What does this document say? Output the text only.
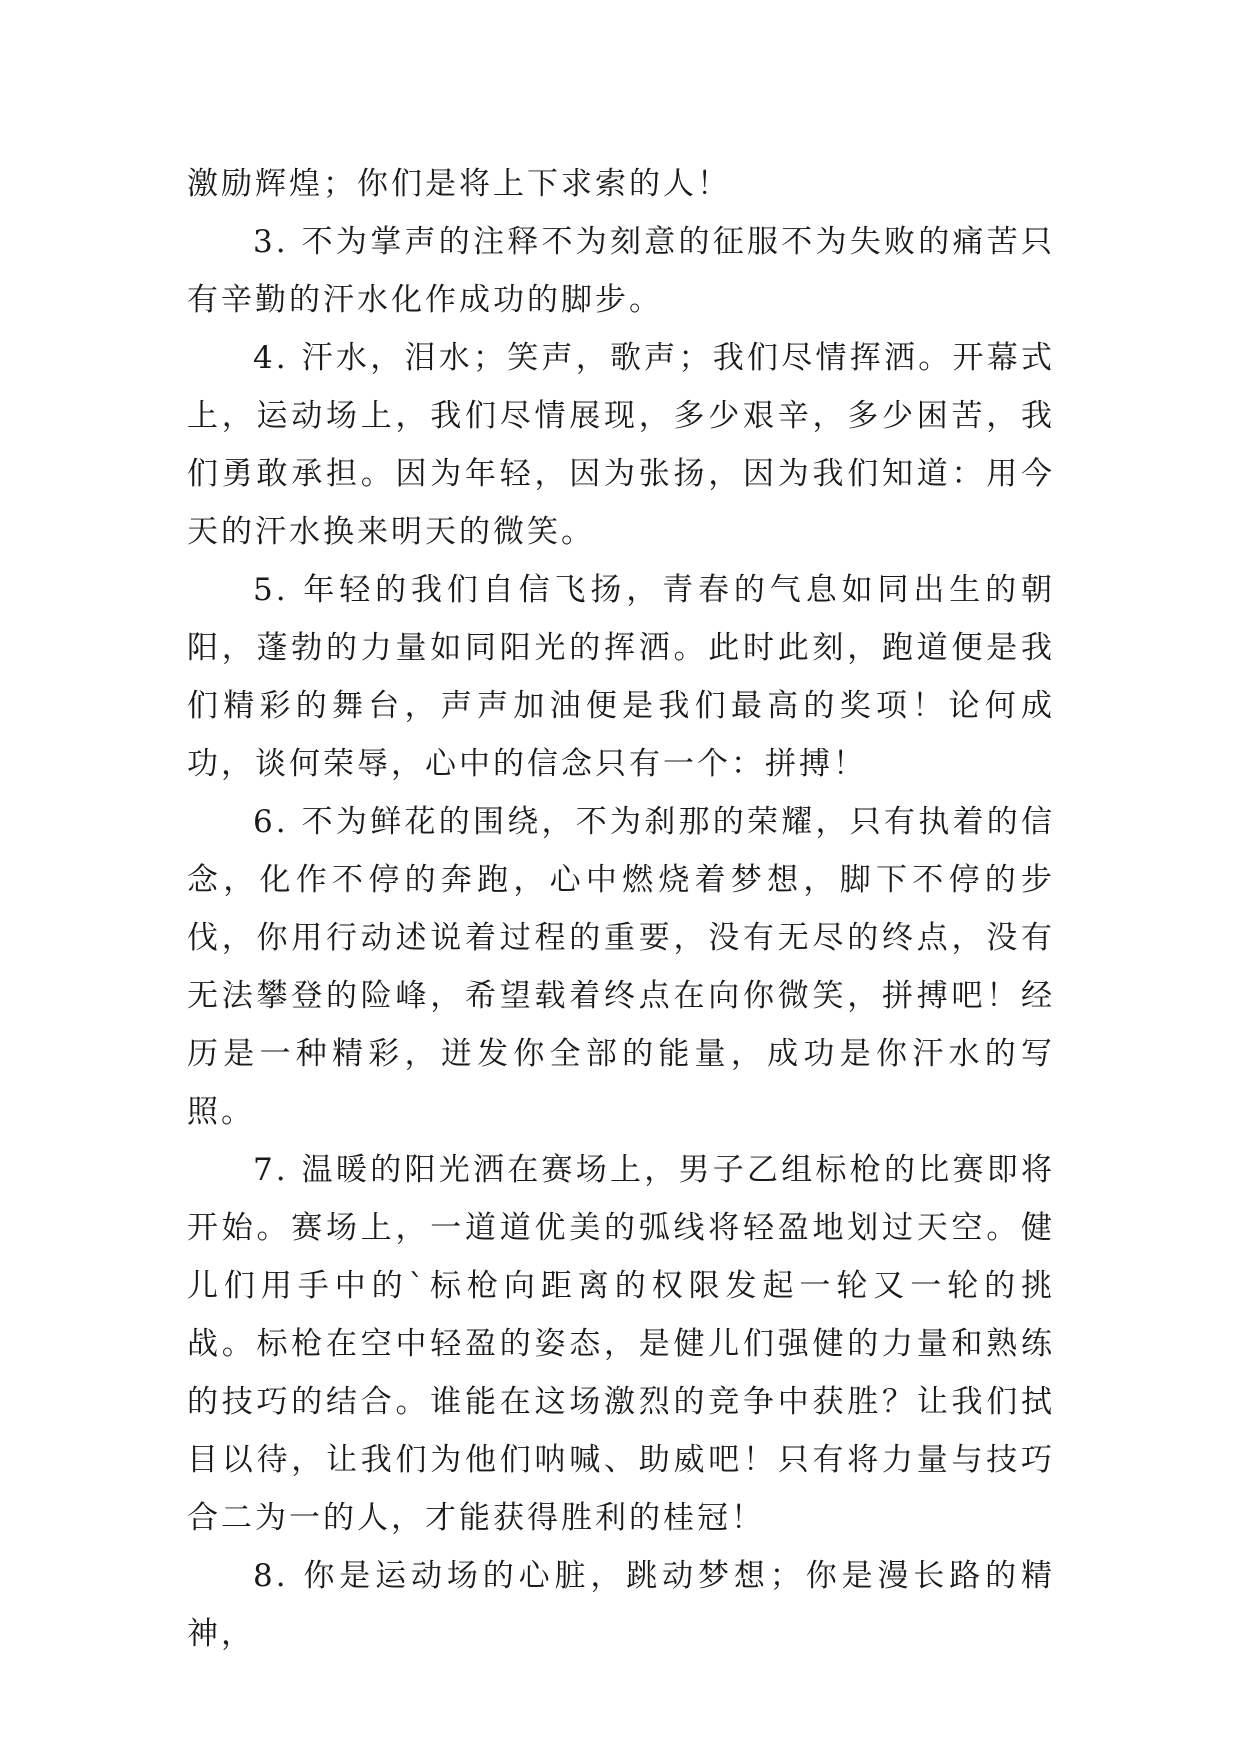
激励辉煌；你们是将上下求索的人！

3. 不为掌声的注释不为刻意的征服不为失败的痛苦只有辛勤的汗水化作成功的脚步。

4. 汗水，泪水；笑声，歌声；我们尽情挥洒。开幕式上，运动场上，我们尽情展现，多少艰辛，多少困苦，我们勇敢承担。因为年轻，因为张扬，因为我们知道：用今天的汗水换来明天的微笑。

5. 年轻的我们自信飞扬，青春的气息如同出生的朝阳，蓬勃的力量如同阳光的挥洒。此时此刻，跑道便是我们精彩的舞台，声声加油便是我们最高的奖项！论何成功，谈何荣辱，心中的信念只有一个：拼搏！

6. 不为鲜花的围绕，不为刹那的荣耀，只有执着的信念，化作不停的奔跑，心中燃烧着梦想，脚下不停的步伐，你用行动述说着过程的重要，没有无尽的终点，没有无法攀登的险峰，希望载着终点在向你微笑，拼搏吧！经历是一种精彩，迸发你全部的能量，成功是你汗水的写照。

7. 温暖的阳光洒在赛场上，男子乙组标枪的比赛即将开始。赛场上，一道道优美的弧线将轻盈地划过天空。健儿们用手中的`标枪向距离的权限发起一轮又一轮的挑战。标枪在空中轻盈的姿态，是健儿们强健的力量和熟练的技巧的结合。谁能在这场激烈的竞争中获胜？让我们拭目以待，让我们为他们呐喊、助威吧！只有将力量与技巧合二为一的人，才能获得胜利的桂冠！

8. 你是运动场的心脏，跳动梦想；你是漫长路的精神，
